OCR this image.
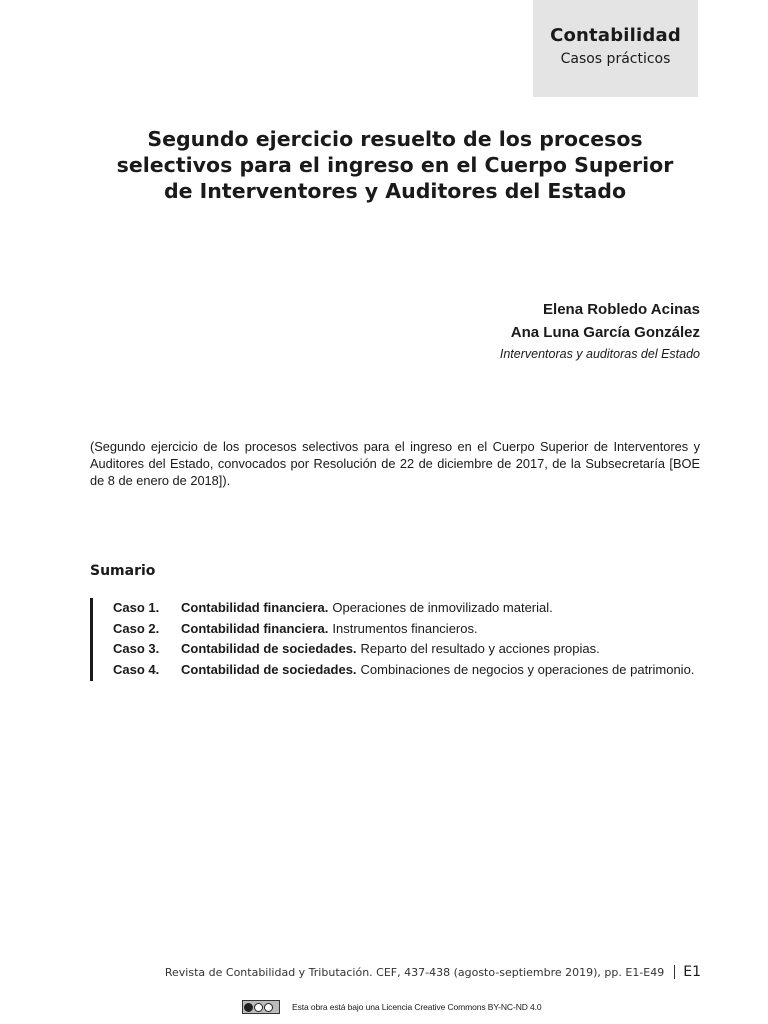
Contabilidad
Casos prácticos
Segundo ejercicio resuelto de los procesos
selectivos para el ingreso en el Cuerpo Superior
de Interventores y Auditores del Estado
Elena Robledo Acinas
Ana Luna García González
Interventoras y auditoras del Estado

(Segundo ejercicio de los procesos selectivos para el ingreso en el Cuerpo Superior de Interventores y Auditores del Estado, convocados por Resolución de 22 de diciembre de 2017, de la Subsecretaría [BOE de 8 de enero de 2018]).

Sumario
Caso 1.	Contabilidad financiera. Operaciones de inmovilizado material.
Caso 2.	Contabilidad financiera. Instrumentos financieros.
Caso 3.	Contabilidad de sociedades. Reparto del resultado y acciones propias.
Caso 4.	Contabilidad de sociedades. Combinaciones de negocios y operaciones de patrimonio.
Revista de Contabilidad y Tributación. CEF, 437-438 (agosto-septiembre 2019), pp. E1-E49 E1
Esta obra está bajo una Licencia Creative Commons BY-NC-ND 4.0
